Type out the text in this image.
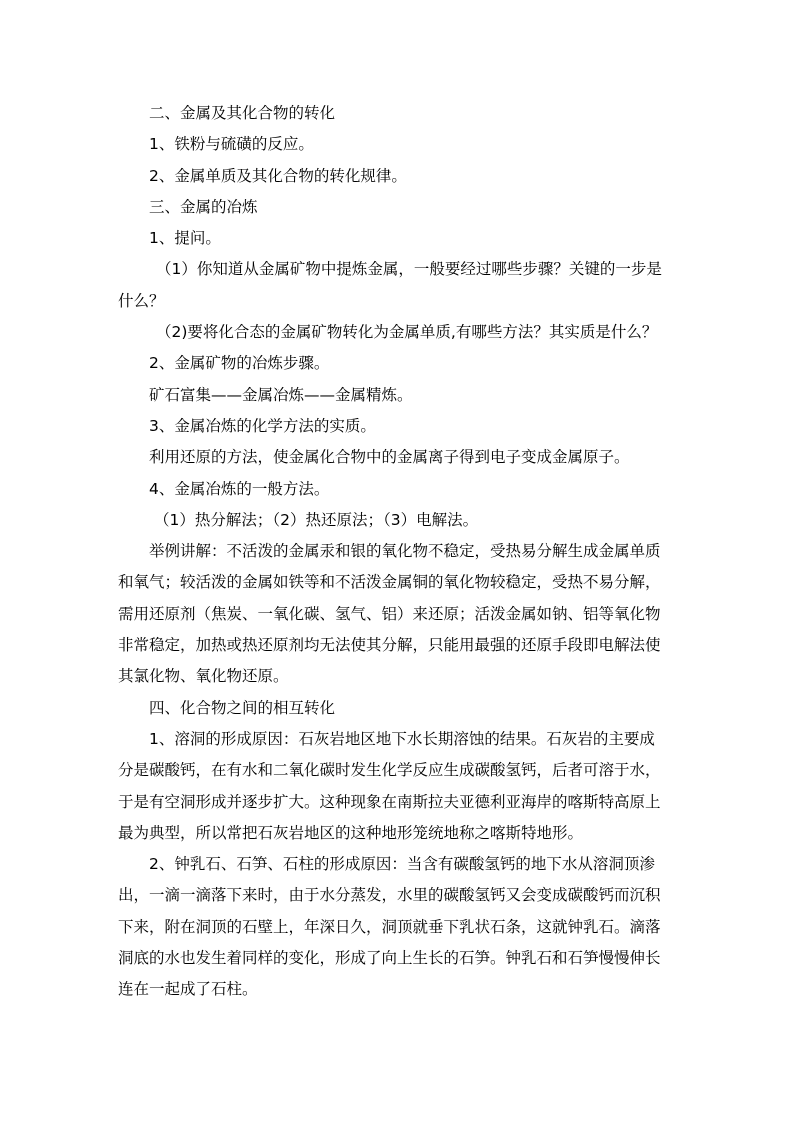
二、金属及其化合物的转化
1、铁粉与硫磺的反应。
2、金属单质及其化合物的转化规律。
三、金属的冶炼
1、提问。
（1）你知道从金属矿物中提炼金属，一般要经过哪些步骤？关键的一步是
什么？
（2)要将化合态的金属矿物转化为金属单质,有哪些方法？其实质是什么？
2、金属矿物的冶炼步骤。
矿石富集——金属冶炼——金属精炼。
3、金属冶炼的化学方法的实质。
利用还原的方法，使金属化合物中的金属离子得到电子变成金属原子。
4、金属冶炼的一般方法。
（1）热分解法；（2）热还原法；（3）电解法。
举例讲解：不活泼的金属汞和银的氧化物不稳定，受热易分解生成金属单质
和氧气；较活泼的金属如铁等和不活泼金属铜的氧化物较稳定，受热不易分解，
需用还原剂（焦炭、一氧化碳、氢气、铝）来还原；活泼金属如钠、铝等氧化物
非常稳定，加热或热还原剂均无法使其分解，只能用最强的还原手段即电解法使
其氯化物、氧化物还原。
四、化合物之间的相互转化
1、溶洞的形成原因：石灰岩地区地下水长期溶蚀的结果。石灰岩的主要成
分是碳酸钙，在有水和二氧化碳时发生化学反应生成碳酸氢钙，后者可溶于水，
于是有空洞形成并逐步扩大。这种现象在南斯拉夫亚德利亚海岸的喀斯特高原上
最为典型，所以常把石灰岩地区的这种地形笼统地称之喀斯特地形。
2、钟乳石、石笋、石柱的形成原因：当含有碳酸氢钙的地下水从溶洞顶渗
出，一滴一滴落下来时，由于水分蒸发，水里的碳酸氢钙又会变成碳酸钙而沉积
下来，附在洞顶的石壁上，年深日久，洞顶就垂下乳状石条，这就钟乳石。滴落
洞底的水也发生着同样的变化，形成了向上生长的石笋。钟乳石和石笋慢慢伸长
连在一起成了石柱。
